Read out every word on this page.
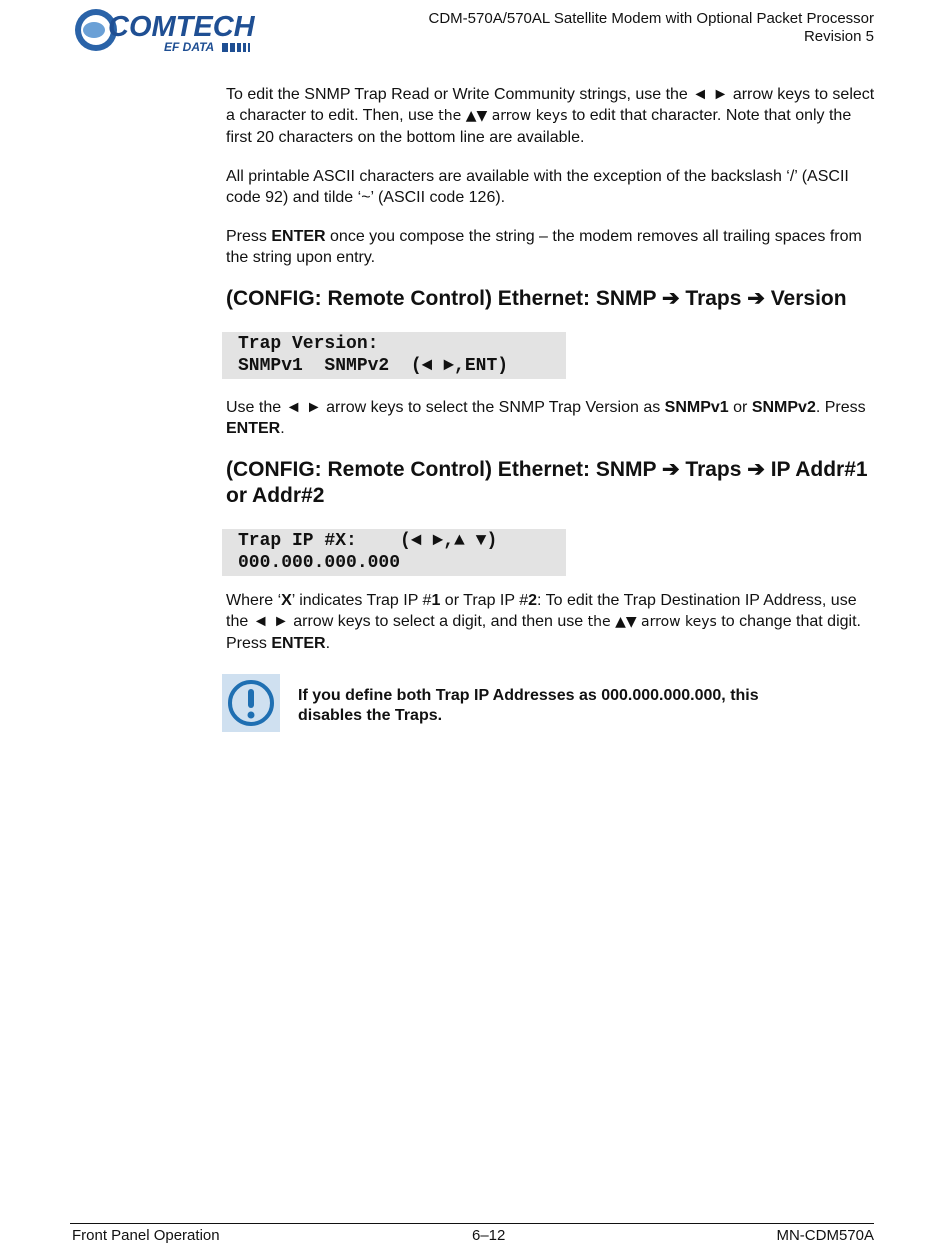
COMTECH
EF DATA
CDM-570A/570AL Satellite Modem with Optional Packet Processor
Revision 5

To edit the SNMP Trap Read or Write Community strings, use the ◄ ► arrow keys to select a character to edit. Then, use the ▲▼ arrow keys to edit that character. Note that only the first 20 characters on the bottom line are available.

All printable ASCII characters are available with the exception of the backslash ‘/’ (ASCII code 92) and tilde ‘~’ (ASCII code 126).

Press ENTER once you compose the string – the modem removes all trailing spaces from the string upon entry.

(CONFIG: Remote Control) Ethernet: SNMP ➔ Traps ➔ Version
Trap Version:
SNMPv1  SNMPv2  (◄ ►,ENT)

Use the ◄ ► arrow keys to select the SNMP Trap Version as SNMPv1 or SNMPv2. Press ENTER.

(CONFIG: Remote Control) Ethernet: SNMP ➔ Traps ➔ IP Addr#1 or Addr#2
Trap IP #X:    (◄ ►,▲ ▼)
000.000.000.000

Where ‘X’ indicates Trap IP #1 or Trap IP #2: To edit the Trap Destination IP Address, use the ◄ ► arrow keys to select a digit, and then use the ▲▼ arrow keys to change that digit. Press ENTER.

If you define both Trap IP Addresses as 000.000.000.000, this disables the Traps.
Front Panel Operation	6–12	MN-CDM570A
